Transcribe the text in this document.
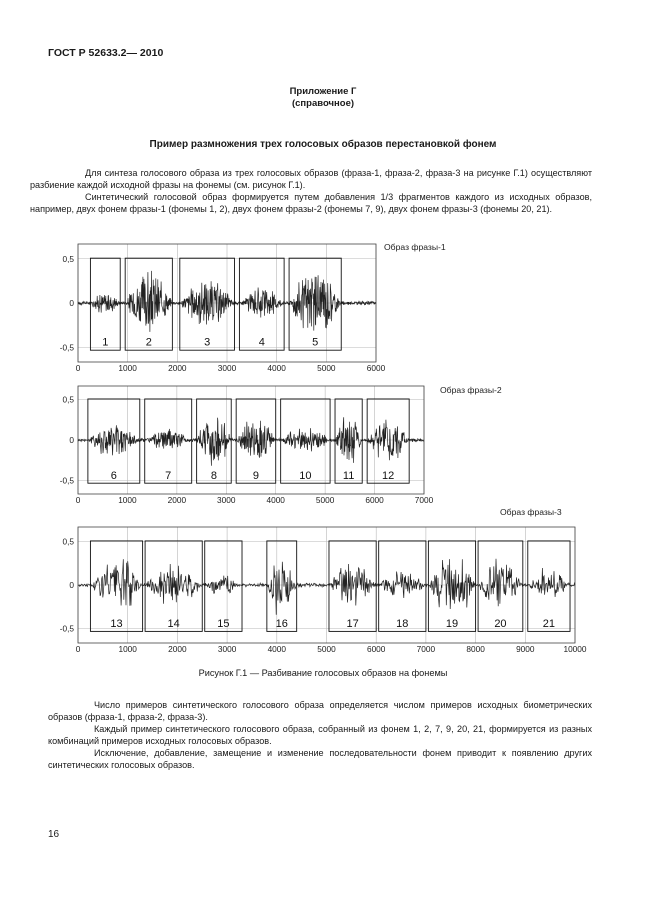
ГОСТ Р 52633.2— 2010
Приложение Г
(справочное)
Пример размножения трех голосовых образов перестановкой фонем
Для синтеза голосового образа из трех голосовых образов (фраза-1, фраза-2, фраза-3 на рисунке Г.1) осуществляют разбиение каждой исходной фразы на фонемы (см. рисунок Г.1).
Синтетический голосовой образ формируется путем добавления 1/3 фрагментов каждого из исходных образов, например, двух фонем фразы-1 (фонемы 1, 2), двух фонем фразы-2 (фонемы 7, 9), двух фонем фразы-3 (фонемы 20, 21).
1	2	3	4	5
0,5
0
-0,5
0	1000	2000	3000	4000	5000	6000
Образ фразы-1
6	7	8	9	10	11	12
0,5
0
-0,5
0	1000	2000	3000	4000	5000	6000	7000
Образ фразы-2
13	14	15	16	17	18	19	20	21
0,5
0
-0,5
0	1000	2000	3000	4000	5000	6000	7000	8000	9000	10000
Образ фразы-3
Рисунок Г.1 — Разбивание голосовых образов на фонемы
Число примеров синтетического голосового образа определяется числом примеров исходных биометрических образов (фраза-1, фраза-2, фраза-3).
Каждый пример синтетического голосового образа, собранный из фонем 1, 2, 7, 9, 20, 21, формируется из разных комбинаций примеров исходных голосовых образов.
Исключение, добавление, замещение и изменение последовательности фонем приводит к появлению других синтетических голосовых образов.
16
